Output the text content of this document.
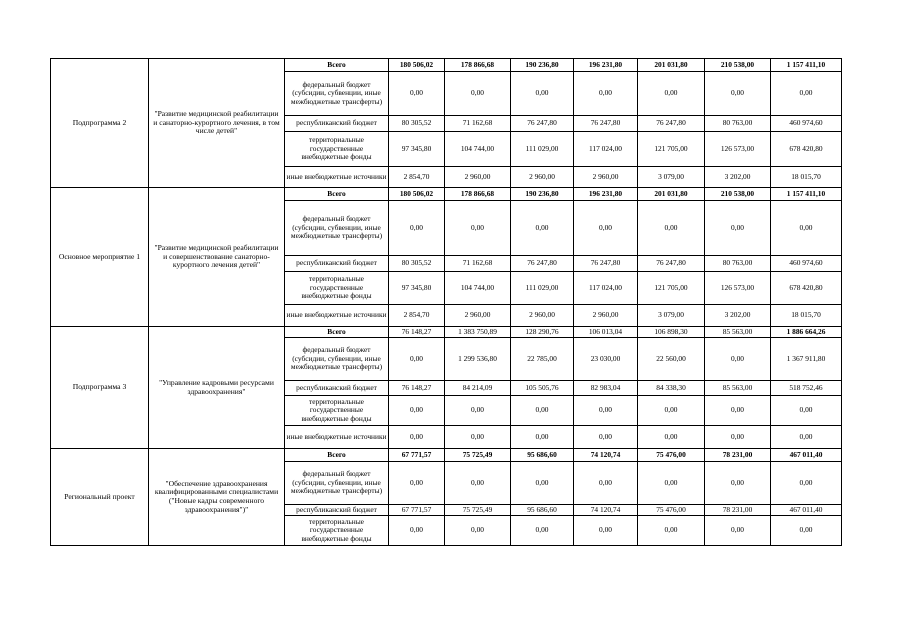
Подпрограмма 2	"Развитие медицинской реабилитации и санаторно-курортного лечения, в том числе детей"	Всего	180 506,02	178 866,68	190 236,80	196 231,80	201 031,80	210 538,00	1 157 411,10
		федеральный бюджет (субсидии, субвенции, иные межбюджетные трансферты)	0,00	0,00	0,00	0,00	0,00	0,00	0,00
		республиканский бюджет	80 305,52	71 162,68	76 247,80	76 247,80	76 247,80	80 763,00	460 974,60
		территориальные государственные внебюджетные фонды	97 345,80	104 744,00	111 029,00	117 024,00	121 705,00	126 573,00	678 420,80
		иные внебюджетные источники	2 854,70	2 960,00	2 960,00	2 960,00	3 079,00	3 202,00	18 015,70
Основное мероприятие 1	"Развитие медицинской реабилитации и совершенствование санаторно-курортного лечения детей"	Всего	180 506,02	178 866,68	190 236,80	196 231,80	201 031,80	210 538,00	1 157 411,10
		федеральный бюджет (субсидии, субвенции, иные межбюджетные трансферты)	0,00	0,00	0,00	0,00	0,00	0,00	0,00
		республиканский бюджет	80 305,52	71 162,68	76 247,80	76 247,80	76 247,80	80 763,00	460 974,60
		территориальные государственные внебюджетные фонды	97 345,80	104 744,00	111 029,00	117 024,00	121 705,00	126 573,00	678 420,80
		иные внебюджетные источники	2 854,70	2 960,00	2 960,00	2 960,00	3 079,00	3 202,00	18 015,70
Подпрограмма 3	"Управление кадровыми ресурсами здравоохранения"	Всего	76 148,27	1 383 750,89	128 290,76	106 013,04	106 898,30	85 563,00	1 886 664,26
		федеральный бюджет (субсидии, субвенции, иные межбюджетные трансферты)	0,00	1 299 536,80	22 785,00	23 030,00	22 560,00	0,00	1 367 911,80
		республиканский бюджет	76 148,27	84 214,09	105 505,76	82 983,04	84 338,30	85 563,00	518 752,46
		территориальные государственные внебюджетные фонды	0,00	0,00	0,00	0,00	0,00	0,00	0,00
		иные внебюджетные источники	0,00	0,00	0,00	0,00	0,00	0,00	0,00
Региональный проект	"Обеспечение здравоохранения квалифицированными специалистами ("Новые кадры современного здравоохранения")"	Всего	67 771,57	75 725,49	95 686,60	74 120,74	75 476,00	78 231,00	467 011,40
		федеральный бюджет (субсидии, субвенции, иные межбюджетные трансферты)	0,00	0,00	0,00	0,00	0,00	0,00	0,00
		республиканский бюджет	67 771,57	75 725,49	95 686,60	74 120,74	75 476,00	78 231,00	467 011,40
		территориальные государственные внебюджетные фонды	0,00	0,00	0,00	0,00	0,00	0,00	0,00
